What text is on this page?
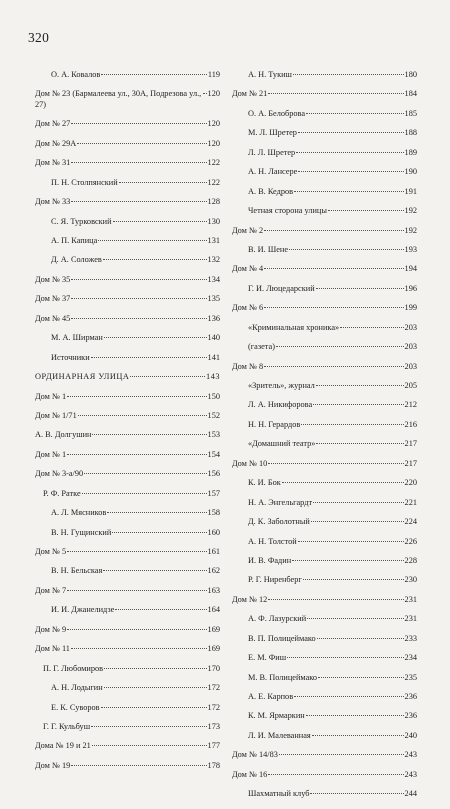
320
О. А. Ковалов	119
Дом № 23 (Бармалеева ул., 30А, Подрезова ул., 27)
120
Дом № 27	120
Дом № 29А	120
Дом № 31	122
П. Н. Столпянский	122
Дом № 33	128
С. Я. Турковский	130
А. П. Капица	131
Д. А. Соложев	132
Дом № 35	134
Дом № 37	135
Дом № 45	136
М. А. Ширман	140
Источники	141
ОРДИНАРНАЯ УЛИЦА	143
Дом № 1	150
Дом № 1/71	152
А. В. Долгушин	153
Дом № 1	154
Дом № 3-а/90	156
Р. Ф. Ратке	157
А. Л. Мясников	158
В. Н. Гущинский	160
Дом № 5	161
В. Н. Бельская	162
Дом № 7	163
И. И. Джанелидзе	164
Дом № 9	169
Дом № 11	169
П. Г. Любомиров	170
А. Н. Лодыгин	172
Е. К. Суворов	172
Г. Г. Кульбуш	173
Дома № 19 и 21	177
Дом № 19	178
А. Н. Тукиш	180
Дом № 21	184
О. А. Белоброва	185
М. Л. Шретер	188
Л. Л. Шретер	189
А. Н. Лансере	190
А. В. Кедров	191
Четная сторона улицы	192
Дом № 2	192
В. И. Шене	193
Дом № 4	194
Г. И. Люцедарский	196
Дом № 6	199
«Криминальная хроника»	203
(газета)	203
Дом № 8	203
«Зритель», журнал	205
Л. А. Никифорова	212
Н. Н. Герардов	216
«Домашний театр»	217
Дом № 10	217
К. И. Бок	220
Н. А. Энгельгардт	221
Д. К. Заболотный	224
А. Н. Толстой	226
И. В. Фадин	228
Р. Г. Ниренберг	230
Дом № 12	231
А. Ф. Лазурский	231
В. П. Полицеймако	233
Е. М. Фиш	234
М. В. Полицеймако	235
А. Е. Карпов	236
К. М. Ярмаркин	236
Л. И. Малеванная	240
Дом № 14/83	243
Дом № 16	243
Шахматный клуб	244
